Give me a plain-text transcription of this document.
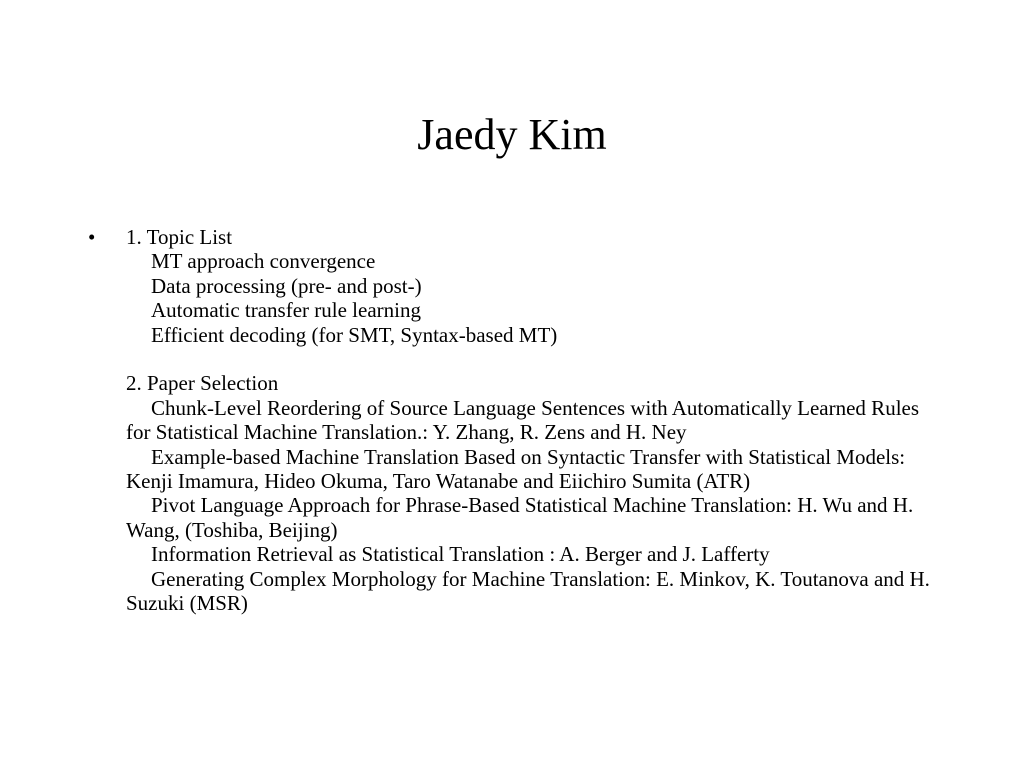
Jaedy Kim
• 1. Topic List
MT approach convergence
Data processing (pre- and post-)
Automatic transfer rule learning
Efficient decoding (for SMT, Syntax-based MT)
2. Paper Selection
Chunk-Level Reordering of Source Language Sentences with Automatically Learned Rules for Statistical Machine Translation.: Y. Zhang, R. Zens and H. Ney
Example-based Machine Translation Based on Syntactic Transfer with Statistical Models: Kenji Imamura, Hideo Okuma, Taro Watanabe and Eiichiro Sumita (ATR)
Pivot Language Approach for Phrase-Based Statistical Machine Translation: H. Wu and H. Wang, (Toshiba, Beijing)
Information Retrieval as Statistical Translation : A. Berger and J. Lafferty
Generating Complex Morphology for Machine Translation: E. Minkov, K. Toutanova and H. Suzuki (MSR)
